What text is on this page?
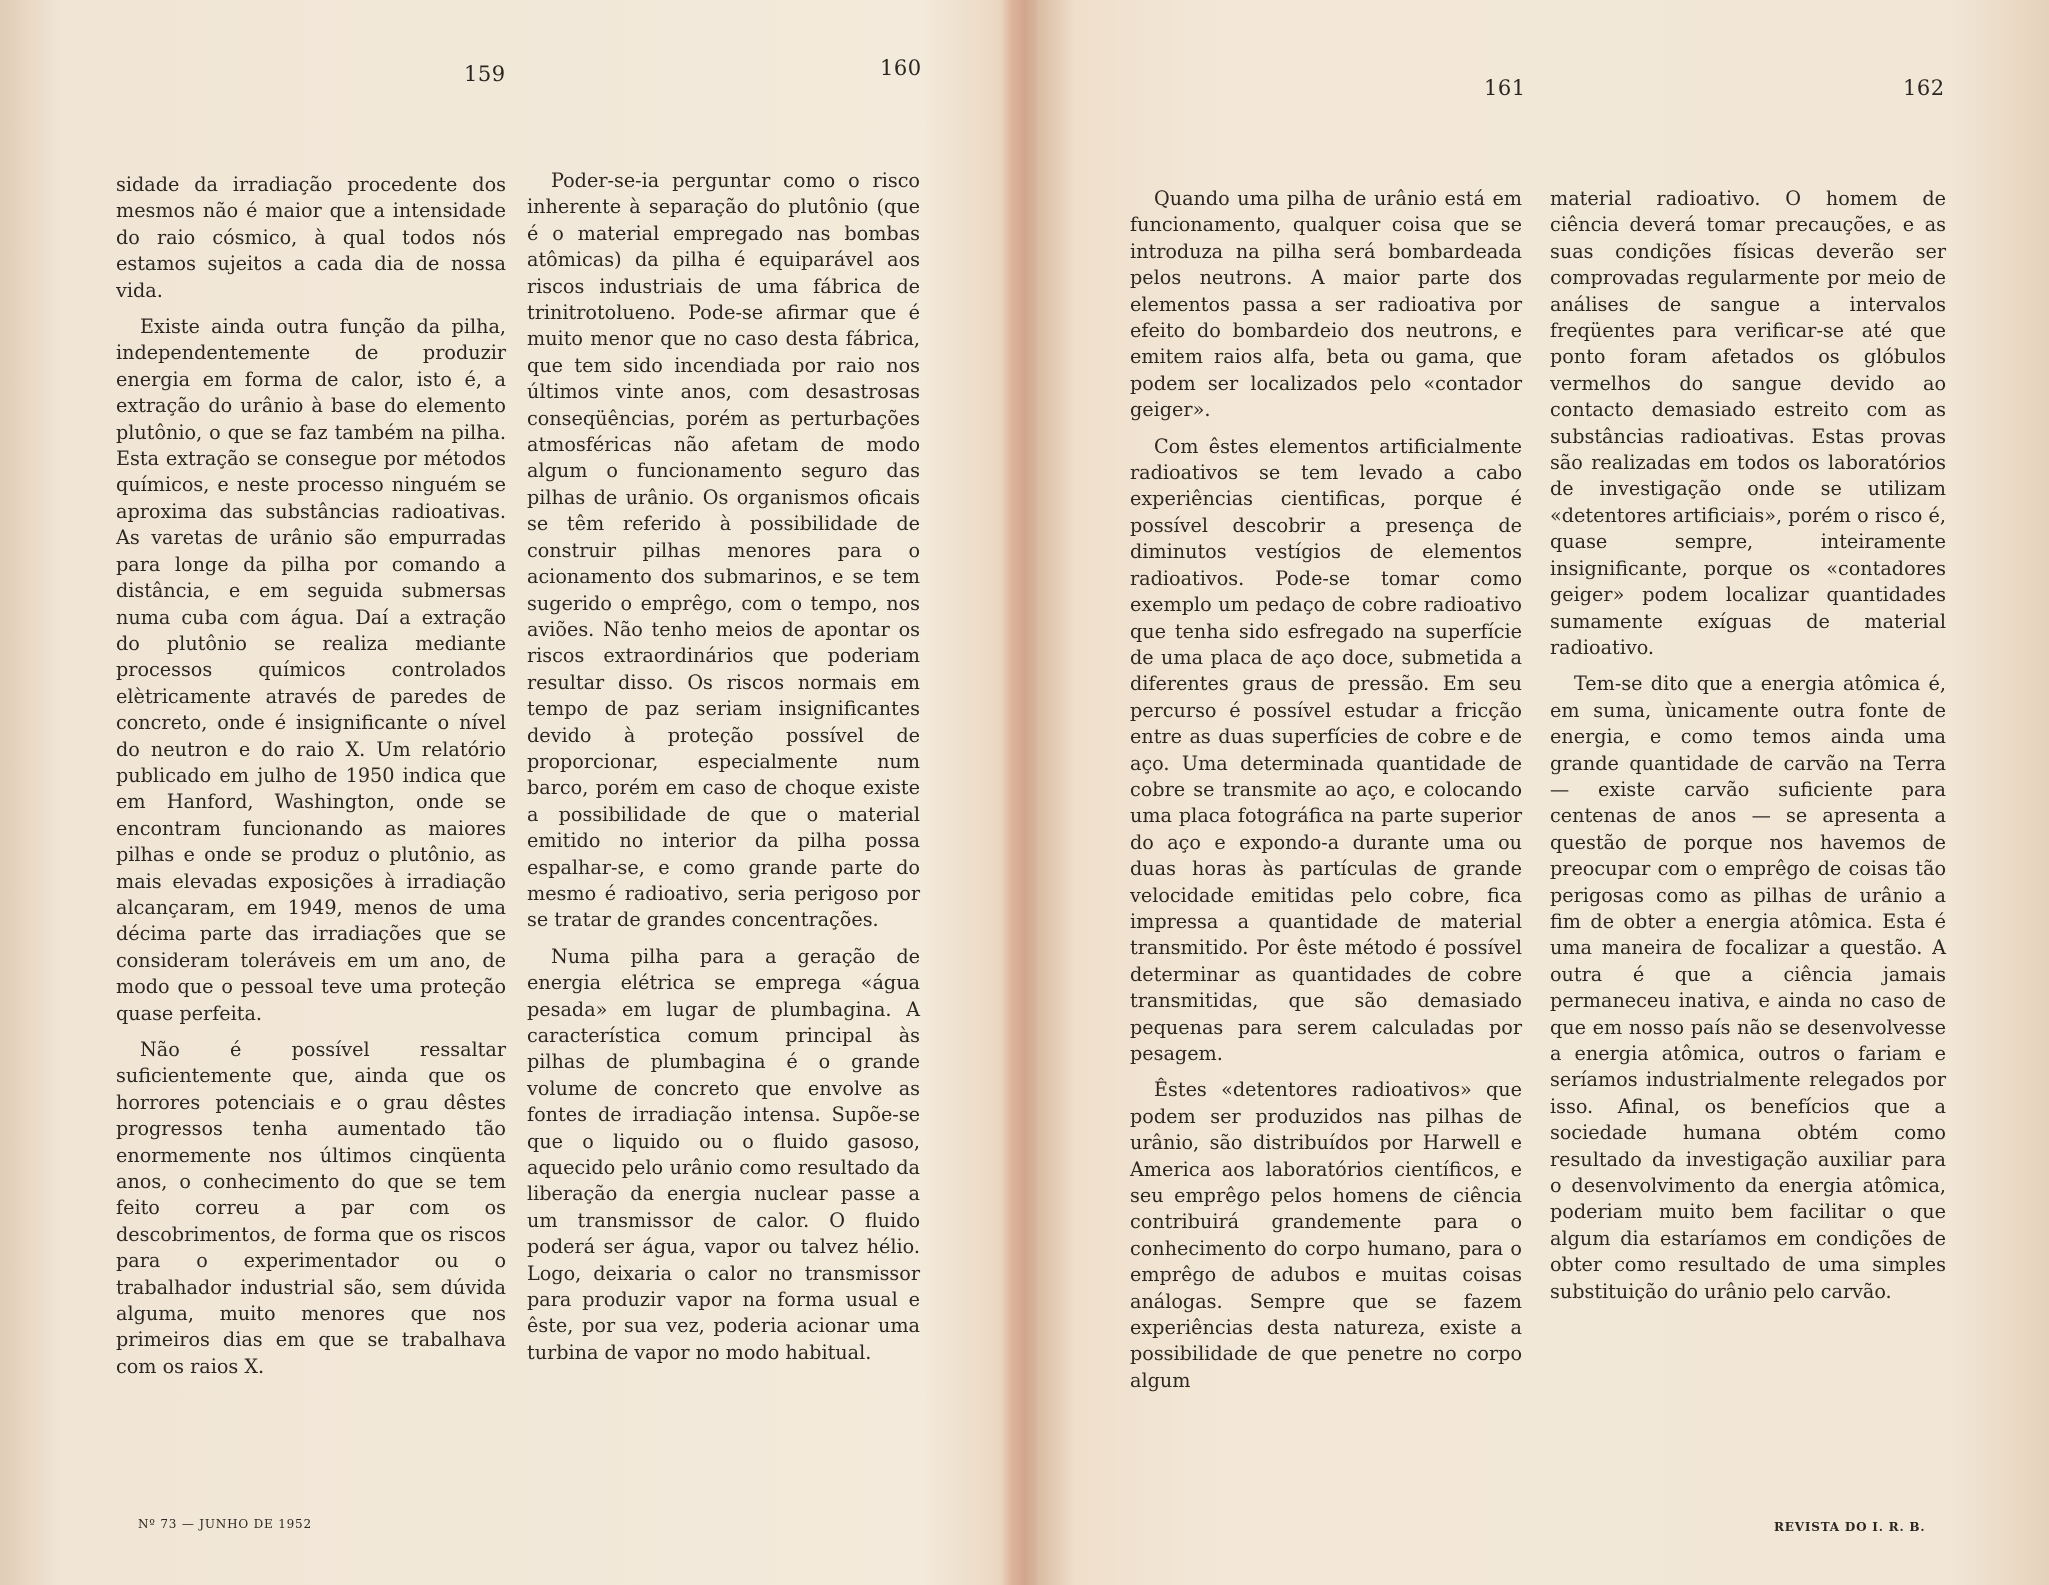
159

sidade da irradiação procedente dos mesmos não é maior que a intensidade do raio cósmico, à qual todos nós estamos sujeitos a cada dia de nossa vida.

Existe ainda outra função da pilha, independentemente de produzir energia em forma de calor, isto é, a extração do urânio à base do elemento plutônio, o que se faz também na pilha. Esta extração se consegue por métodos químicos, e neste processo ninguém se aproxima das substâncias radioativas. As varetas de urânio são empurradas para longe da pilha por comando a distância, e em seguida submersas numa cuba com água. Daí a extração do plutônio se realiza mediante processos químicos controlados elètricamente através de paredes de concreto, onde é insignificante o nível do neutron e do raio X. Um relatório publicado em julho de 1950 indica que em Hanford, Washington, onde se encontram funcionando as maiores pilhas e onde se produz o plutônio, as mais elevadas exposições à irradiação alcançaram, em 1949, menos de uma décima parte das irradiações que se consideram toleráveis em um ano, de modo que o pessoal teve uma proteção quase perfeita.

Não é possível ressaltar suficientemente que, ainda que os horrores potenciais e o grau dêstes progressos tenha aumentado tão enormemente nos últimos cinqüenta anos, o conhecimento do que se tem feito correu a par com os descobrimentos, de forma que os riscos para o experimentador ou o trabalhador industrial são, sem dúvida alguma, muito menores que nos primeiros dias em que se trabalhava com os raios X.

Nº 73 — JUNHO DE 1952
160

Poder-se-ia perguntar como o risco inherente à separação do plutônio (que é o material empregado nas bombas atômicas) da pilha é equiparável aos riscos industriais de uma fábrica de trinitrotolueno. Pode-se afirmar que é muito menor que no caso desta fábrica, que tem sido incendiada por raio nos últimos vinte anos, com desastrosas conseqüências, porém as perturbações atmosféricas não afetam de modo algum o funcionamento seguro das pilhas de urânio. Os organismos oficais se têm referido à possibilidade de construir pilhas menores para o acionamento dos submarinos, e se tem sugerido o emprêgo, com o tempo, nos aviões. Não tenho meios de apontar os riscos extraordinários que poderiam resultar disso. Os riscos normais em tempo de paz seriam insignificantes devido à proteção possível de proporcionar, especialmente num barco, porém em caso de choque existe a possibilidade de que o material emitido no interior da pilha possa espalhar-se, e como grande parte do mesmo é radioativo, seria perigoso por se tratar de grandes concentrações.

Numa pilha para a geração de energia elétrica se emprega «água pesada» em lugar de plumbagina. A característica comum principal às pilhas de plumbagina é o grande volume de concreto que envolve as fontes de irradiação intensa. Supõe-se que o liquido ou o fluido gasoso, aquecido pelo urânio como resultado da liberação da energia nuclear passe a um transmissor de calor. O fluido poderá ser água, vapor ou talvez hélio. Logo, deixaria o calor no transmissor para produzir vapor na forma usual e êste, por sua vez, poderia acionar uma turbina de vapor no modo habitual.

161

Quando uma pilha de urânio está em funcionamento, qualquer coisa que se introduza na pilha será bombardeada pelos neutrons. A maior parte dos elementos passa a ser radioativa por efeito do bombardeio dos neutrons, e emitem raios alfa, beta ou gama, que podem ser localizados pelo «contador geiger».

Com êstes elementos artificialmente radioativos se tem levado a cabo experiências cientificas, porque é possível descobrir a presença de diminutos vestígios de elementos radioativos. Pode-se tomar como exemplo um pedaço de cobre radioativo que tenha sido esfregado na superfície de uma placa de aço doce, submetida a diferentes graus de pressão. Em seu percurso é possível estudar a fricção entre as duas superfícies de cobre e de aço. Uma determinada quantidade de cobre se transmite ao aço, e colocando uma placa fotográfica na parte superior do aço e expondo-a durante uma ou duas horas às partículas de grande velocidade emitidas pelo cobre, fica impressa a quantidade de material transmitido. Por êste método é possível determinar as quantidades de cobre transmitidas, que são demasiado pequenas para serem calculadas por pesagem.

Êstes «detentores radioativos» que podem ser produzidos nas pilhas de urânio, são distribuídos por Harwell e America aos laboratórios científicos, e seu emprêgo pelos homens de ciência contribuirá grandemente para o conhecimento do corpo humano, para o emprêgo de adubos e muitas coisas análogas. Sempre que se fazem experiências desta natureza, existe a possibilidade de que penetre no corpo algum

162

material radioativo. O homem de ciência deverá tomar precauções, e as suas condições físicas deverão ser comprovadas regularmente por meio de análises de sangue a intervalos freqüentes para verificar-se até que ponto foram afetados os glóbulos vermelhos do sangue devido ao contacto demasiado estreito com as substâncias radioativas. Estas provas são realizadas em todos os laboratórios de investigação onde se utilizam «detentores artificiais», porém o risco é, quase sempre, inteiramente insignificante, porque os «contadores geiger» podem localizar quantidades sumamente exíguas de material radioativo.

Tem-se dito que a energia atômica é, em suma, ùnicamente outra fonte de energia, e como temos ainda uma grande quantidade de carvão na Terra — existe carvão suficiente para centenas de anos — se apresenta a questão de porque nos havemos de preocupar com o emprêgo de coisas tão perigosas como as pilhas de urânio a fim de obter a energia atômica. Esta é uma maneira de focalizar a questão. A outra é que a ciência jamais permaneceu inativa, e ainda no caso de que em nosso país não se desenvolvesse a energia atômica, outros o fariam e seríamos industrialmente relegados por isso. Afinal, os benefícios que a sociedade humana obtém como resultado da investigação auxiliar para o desenvolvimento da energia atômica, poderiam muito bem facilitar o que algum dia estaríamos em condições de obter como resultado de uma simples substituição do urânio pelo carvão.

REVISTA DO I. R. B.
